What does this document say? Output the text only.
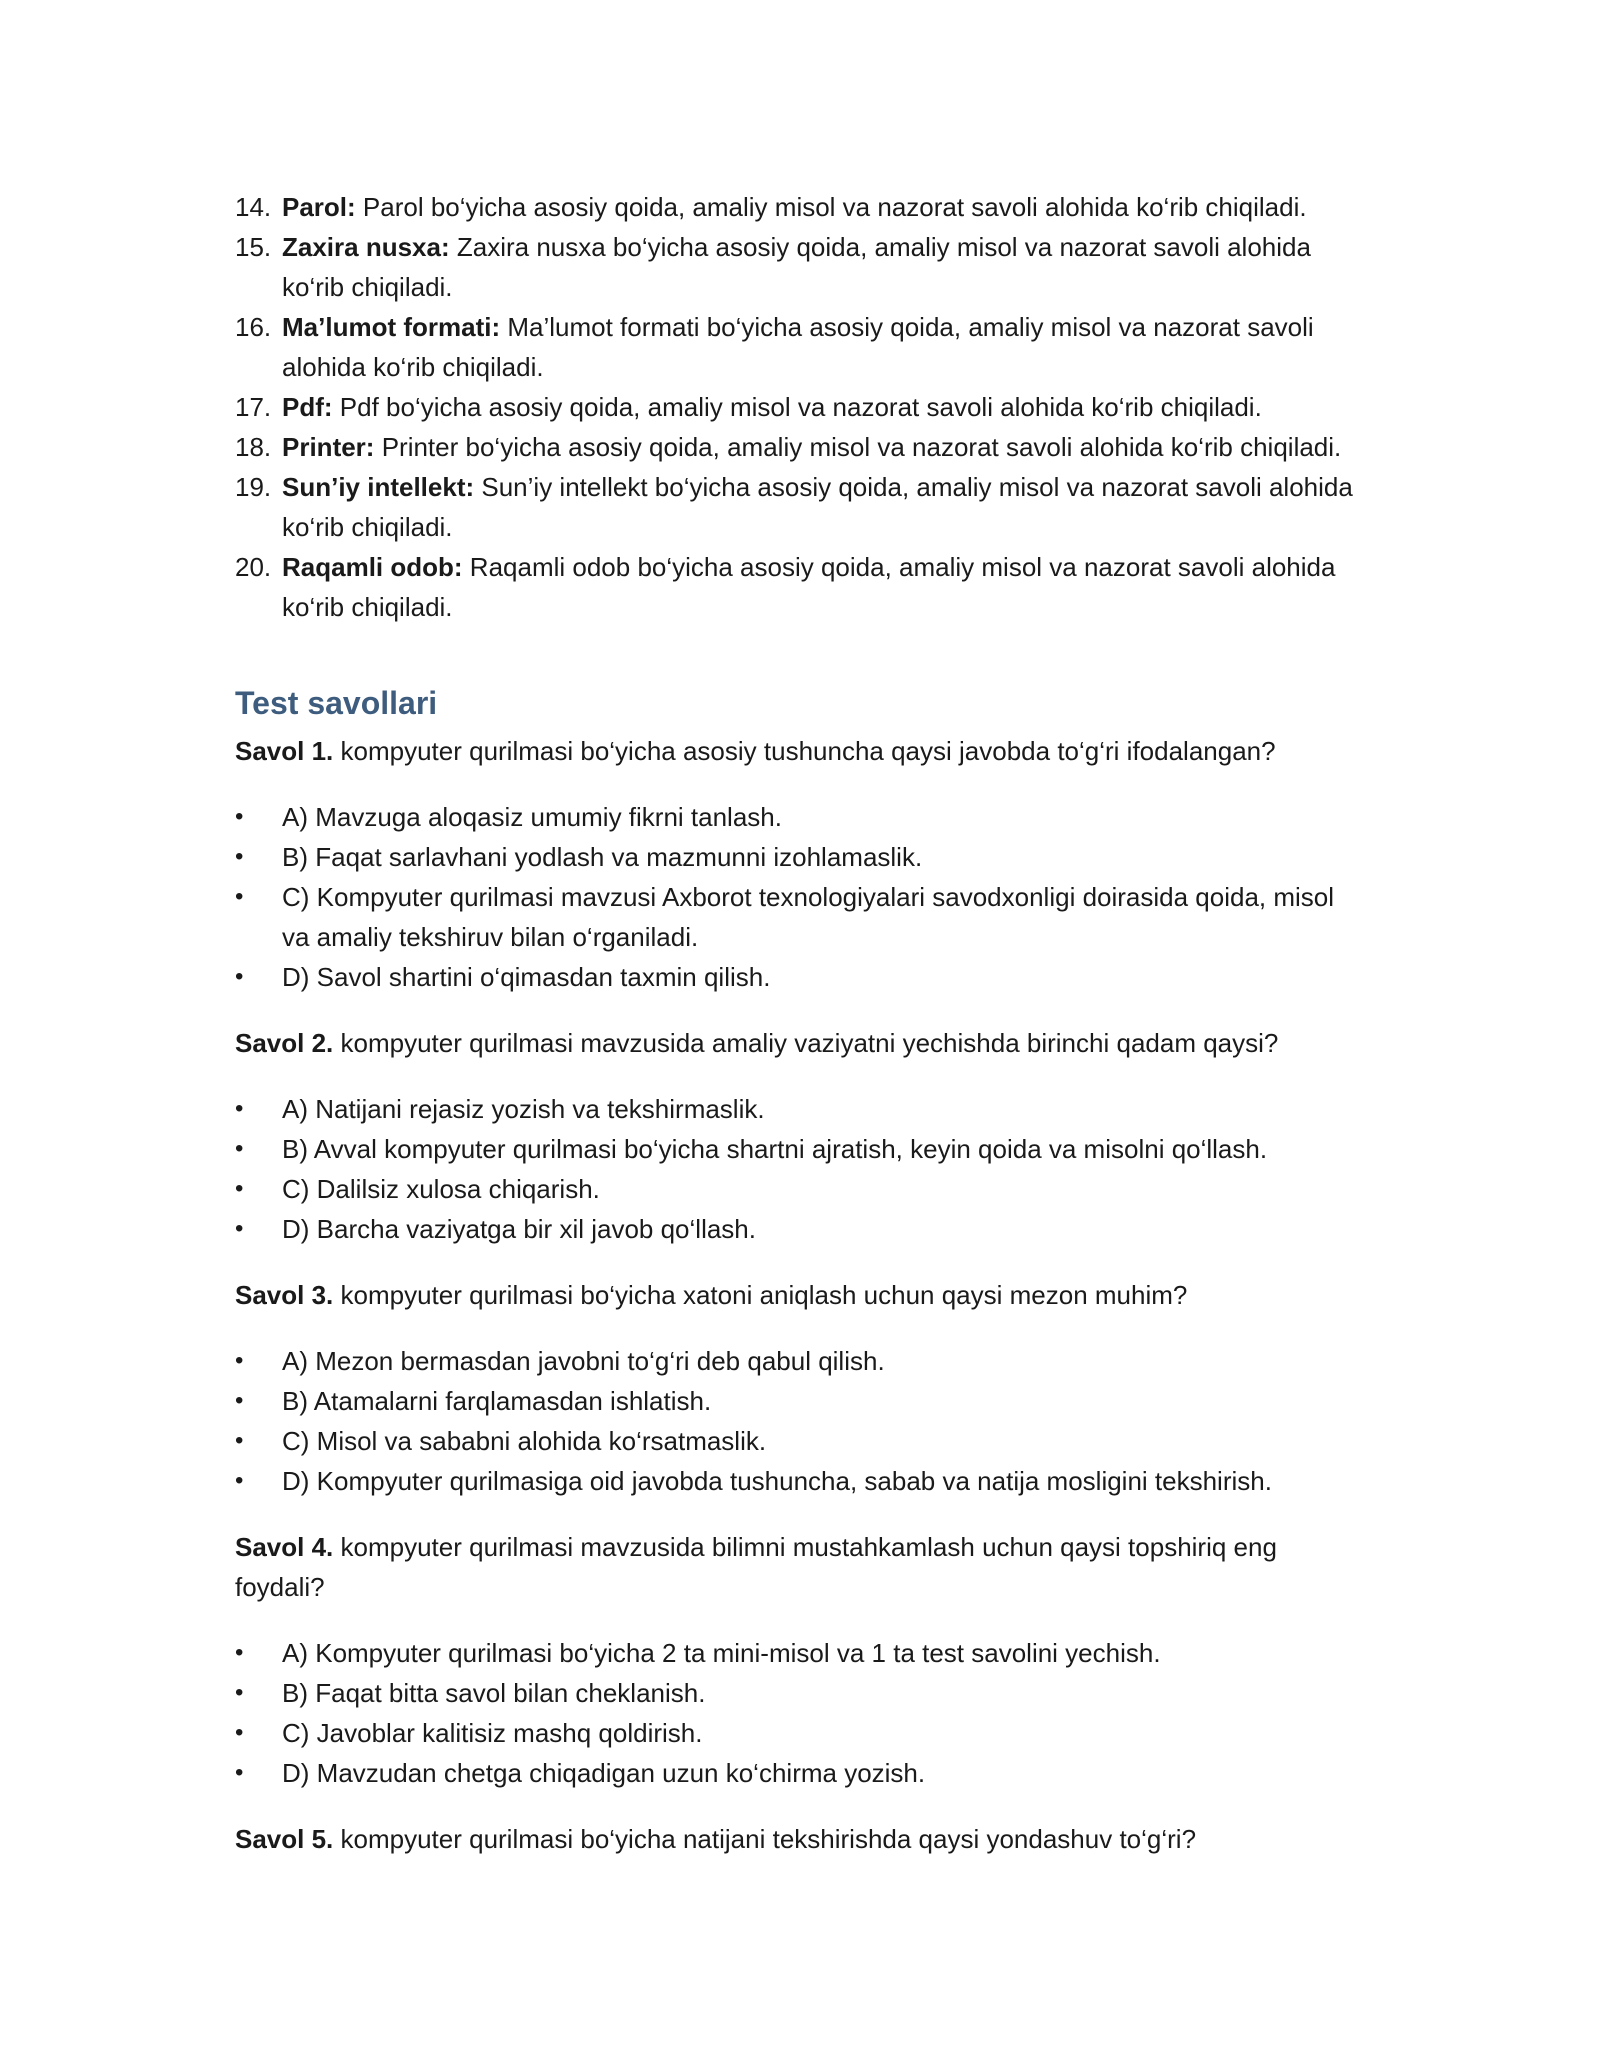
14. Parol: Parol bo‘yicha asosiy qoida, amaliy misol va nazorat savoli alohida ko‘rib chiqiladi.
15. Zaxira nusxa: Zaxira nusxa bo‘yicha asosiy qoida, amaliy misol va nazorat savoli alohida ko‘rib chiqiladi.
16. Ma’lumot formati: Ma’lumot formati bo‘yicha asosiy qoida, amaliy misol va nazorat savoli alohida ko‘rib chiqiladi.
17. Pdf: Pdf bo‘yicha asosiy qoida, amaliy misol va nazorat savoli alohida ko‘rib chiqiladi.
18. Printer: Printer bo‘yicha asosiy qoida, amaliy misol va nazorat savoli alohida ko‘rib chiqiladi.
19. Sun’iy intellekt: Sun’iy intellekt bo‘yicha asosiy qoida, amaliy misol va nazorat savoli alohida ko‘rib chiqiladi.
20. Raqamli odob: Raqamli odob bo‘yicha asosiy qoida, amaliy misol va nazorat savoli alohida ko‘rib chiqiladi.
Test savollari

Savol 1. kompyuter qurilmasi bo‘yicha asosiy tushuncha qaysi javobda to‘g‘ri ifodalangan?

•	A) Mavzuga aloqasiz umumiy fikrni tanlash.
•	B) Faqat sarlavhani yodlash va mazmunni izohlamaslik.
•	C) Kompyuter qurilmasi mavzusi Axborot texnologiyalari savodxonligi doirasida qoida, misol va amaliy tekshiruv bilan o‘rganiladi.
•	D) Savol shartini o‘qimasdan taxmin qilish.

Savol 2. kompyuter qurilmasi mavzusida amaliy vaziyatni yechishda birinchi qadam qaysi?

•	A) Natijani rejasiz yozish va tekshirmaslik.
•	B) Avval kompyuter qurilmasi bo‘yicha shartni ajratish, keyin qoida va misolni qo‘llash.
•	C) Dalilsiz xulosa chiqarish.
•	D) Barcha vaziyatga bir xil javob qo‘llash.

Savol 3. kompyuter qurilmasi bo‘yicha xatoni aniqlash uchun qaysi mezon muhim?

•	A) Mezon bermasdan javobni to‘g‘ri deb qabul qilish.
•	B) Atamalarni farqlamasdan ishlatish.
•	C) Misol va sababni alohida ko‘rsatmaslik.
•	D) Kompyuter qurilmasiga oid javobda tushuncha, sabab va natija mosligini tekshirish.

Savol 4. kompyuter qurilmasi mavzusida bilimni mustahkamlash uchun qaysi topshiriq eng foydali?

•	A) Kompyuter qurilmasi bo‘yicha 2 ta mini-misol va 1 ta test savolini yechish.
•	B) Faqat bitta savol bilan cheklanish.
•	C) Javoblar kalitisiz mashq qoldirish.
•	D) Mavzudan chetga chiqadigan uzun ko‘chirma yozish.

Savol 5. kompyuter qurilmasi bo‘yicha natijani tekshirishda qaysi yondashuv to‘g‘ri?
